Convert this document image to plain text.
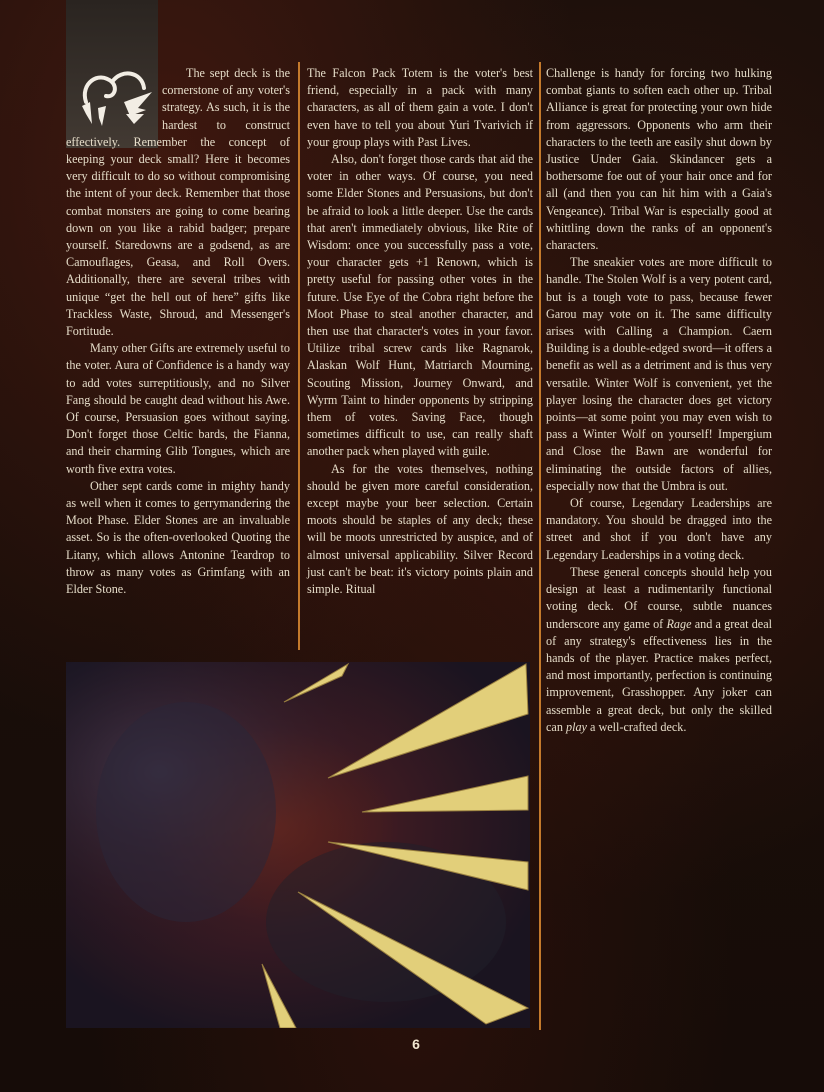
The sept deck is the cornerstone of any voter's strategy. As such, it is the hardest to construct effectively. Remember the concept of keeping your deck small? Here it becomes very difficult to do so without compromising the intent of your deck. Remember that those combat monsters are going to come bearing down on you like a rabid badger; prepare yourself. Staredowns are a godsend, as are Camouflages, Geasa, and Roll Overs. Additionally, there are several tribes with unique “get the hell out of here” gifts like Trackless Waste, Shroud, and Messenger's Fortitude.

Many other Gifts are extremely useful to the voter. Aura of Confidence is a handy way to add votes surreptitiously, and no Silver Fang should be caught dead without his Awe. Of course, Persuasion goes without saying. Don't forget those Celtic bards, the Fianna, and their charming Glib Tongues, which are worth five extra votes.

Other sept cards come in mighty handy as well when it comes to gerrymandering the Moot Phase. Elder Stones are an invaluable asset. So is the often-overlooked Quoting the Litany, which allows Antonine Teardrop to throw as many votes as Grimfang with an Elder Stone.

The Falcon Pack Totem is the voter's best friend, especially in a pack with many characters, as all of them gain a vote. I don't even have to tell you about Yuri Tvarivich if your group plays with Past Lives.

Also, don't forget those cards that aid the voter in other ways. Of course, you need some Elder Stones and Persuasions, but don't be afraid to look a little deeper. Use the cards that aren't immediately obvious, like Rite of Wisdom: once you successfully pass a vote, your character gets +1 Renown, which is pretty useful for passing other votes in the future. Use Eye of the Cobra right before the Moot Phase to steal another character, and then use that character's votes in your favor. Utilize tribal screw cards like Ragnarok, Alaskan Wolf Hunt, Matriarch Mourning, Scouting Mission, Journey Onward, and Wyrm Taint to hinder opponents by stripping them of votes. Saving Face, though sometimes difficult to use, can really shaft another pack when played with guile.

As for the votes themselves, nothing should be given more careful consideration, except maybe your beer selection. Certain moots should be staples of any deck; these will be moots unrestricted by auspice, and of almost universal applicability. Silver Record just can't be beat: it's victory points plain and simple. Ritual

Challenge is handy for forcing two hulking combat giants to soften each other up. Tribal Alliance is great for protecting your own hide from aggressors. Opponents who arm their characters to the teeth are easily shut down by Justice Under Gaia. Skindancer gets a bothersome foe out of your hair once and for all (and then you can hit him with a Gaia's Vengeance). Tribal War is especially good at whittling down the ranks of an opponent's characters.

The sneakier votes are more difficult to handle. The Stolen Wolf is a very potent card, but is a tough vote to pass, because fewer Garou may vote on it. The same difficulty arises with Calling a Champion. Caern Building is a double-edged sword—it offers a benefit as well as a detriment and is thus very versatile. Winter Wolf is convenient, yet the player losing the character does get victory points—at some point you may even wish to pass a Winter Wolf on yourself! Impergium and Close the Bawn are wonderful for eliminating the outside factors of allies, especially now that the Umbra is out.

Of course, Legendary Leaderships are mandatory. You should be dragged into the street and shot if you don't have any Legendary Leaderships in a voting deck.

These general concepts should help you design at least a rudimentarily functional voting deck. Of course, subtle nuances underscore any game of Rage and a great deal of any strategy's effectiveness lies in the hands of the player. Practice makes perfect, and most importantly, perfection is continuing improvement, Grasshopper. Any joker can assemble a great deck, but only the skilled can play a well-crafted deck.

6
